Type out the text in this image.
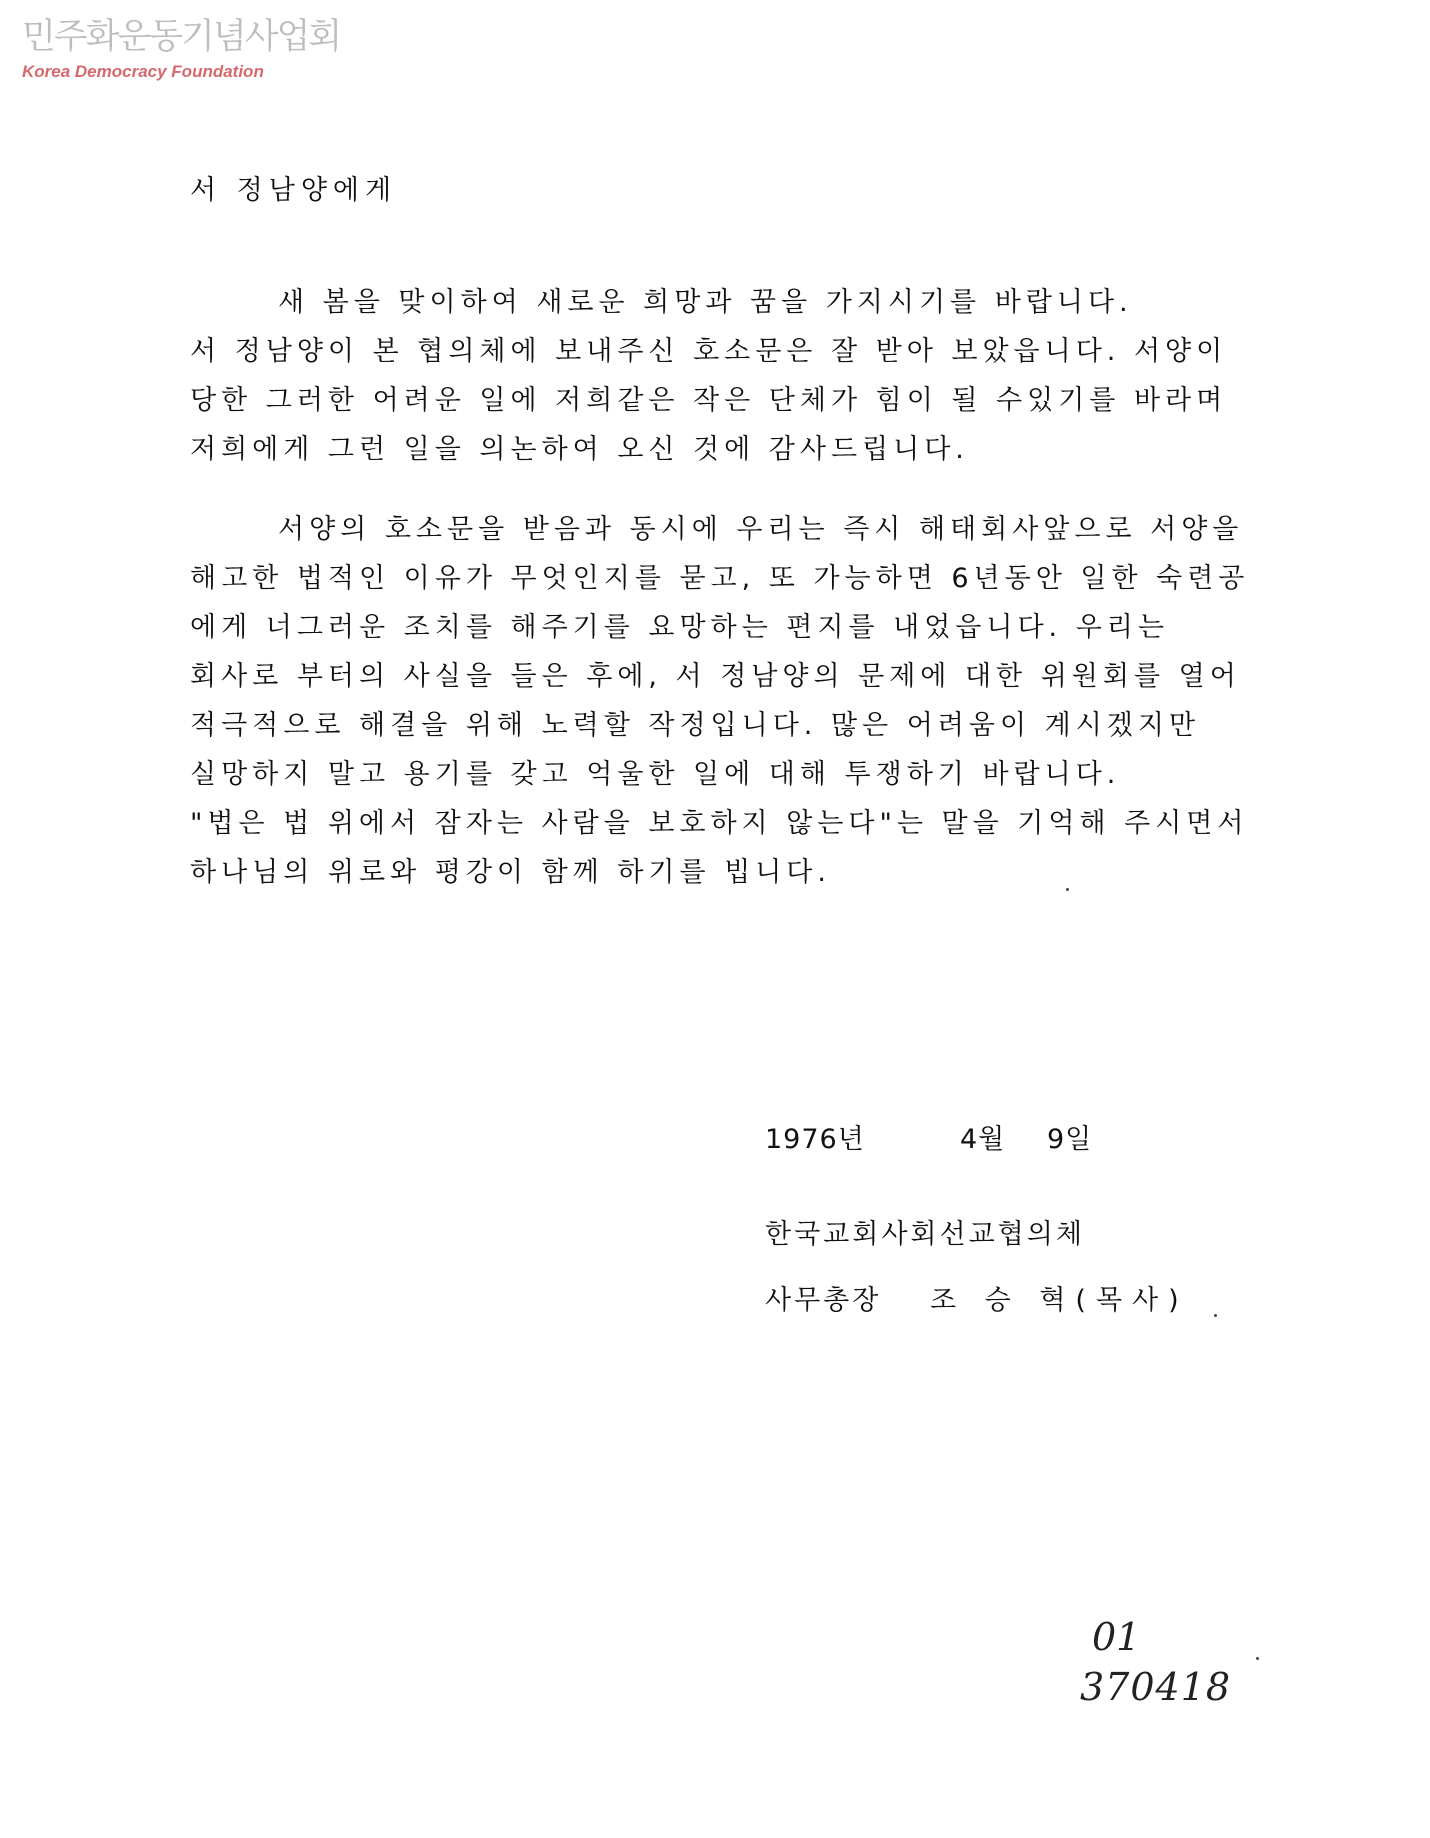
민주화운동기념사업회
Korea Democracy Foundation
서 정남양에게
새 봄을 맞이하여 새로운 희망과 꿈을 가지시기를 바랍니다.
서 정남양이 본 협의체에 보내주신 호소문은 잘 받아 보았읍니다. 서양이
당한 그러한 어려운 일에 저희같은 작은 단체가 힘이 될 수있기를 바라며
저희에게 그런 일을 의논하여 오신 것에 감사드립니다.
서양의 호소문을 받음과 동시에 우리는 즉시 해태회사앞으로 서양을
해고한 법적인 이유가 무엇인지를 묻고, 또 가능하면 6년동안 일한 숙련공
에게 너그러운 조치를 해주기를 요망하는 편지를 내었읍니다. 우리는
회사로 부터의 사실을 들은 후에, 서 정남양의 문제에 대한 위원회를 열어
적극적으로 해결을 위해 노력할 작정입니다. 많은 어려움이 계시겠지만
실망하지 말고 용기를 갖고 억울한 일에 대해 투쟁하기 바랍니다.
"법은 법 위에서 잠자는 사람을 보호하지 않는다"는 말을 기억해 주시면서
하나님의 위로와 평강이 함께 하기를 빕니다.
1976년	4월 9일
한국교회사회선교협의체
사무총장 조 승 혁(목사)
01
370418
